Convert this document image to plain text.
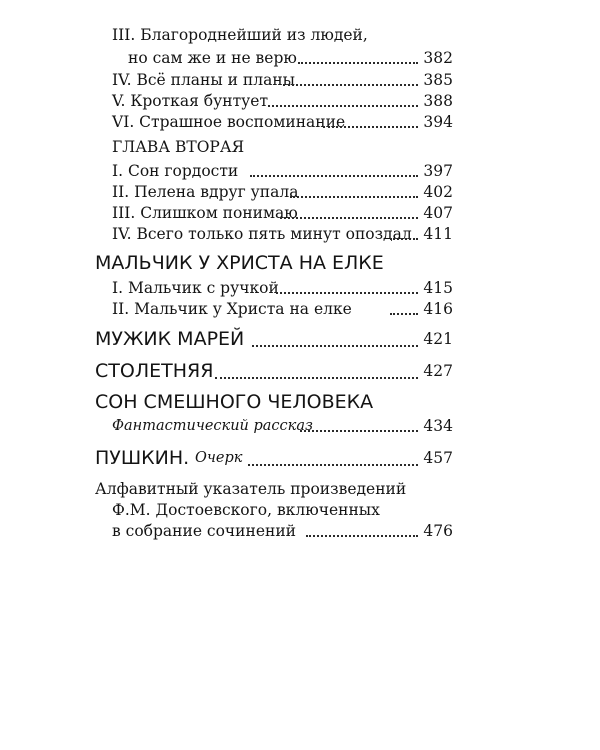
III. Благороднейший из людей,
но сам же и не верю	382
IV. Всё планы и планы	385
V. Кроткая бунтует	388
VI. Страшное воспоминание	394
ГЛАВА ВТОРАЯ
I. Сон гордости	397
II. Пелена вдруг упала	402
III. Слишком понимаю	407
IV. Всего только пять минут опоздал 411
МАЛЬЧИК У ХРИСТА НА ЕЛКЕ
I. Мальчик с ручкой	415
II. Мальчик у Христа на елке	416
МУЖИК МАРЕЙ	421
СТОЛЕТНЯЯ	427
СОН СМЕШНОГО ЧЕЛОВЕКА
Фантастический рассказ	434
ПУШКИН. Очерк	457
Алфавитный указатель произведений
Ф.М. Достоевского, включенных
в собрание сочинений	476
